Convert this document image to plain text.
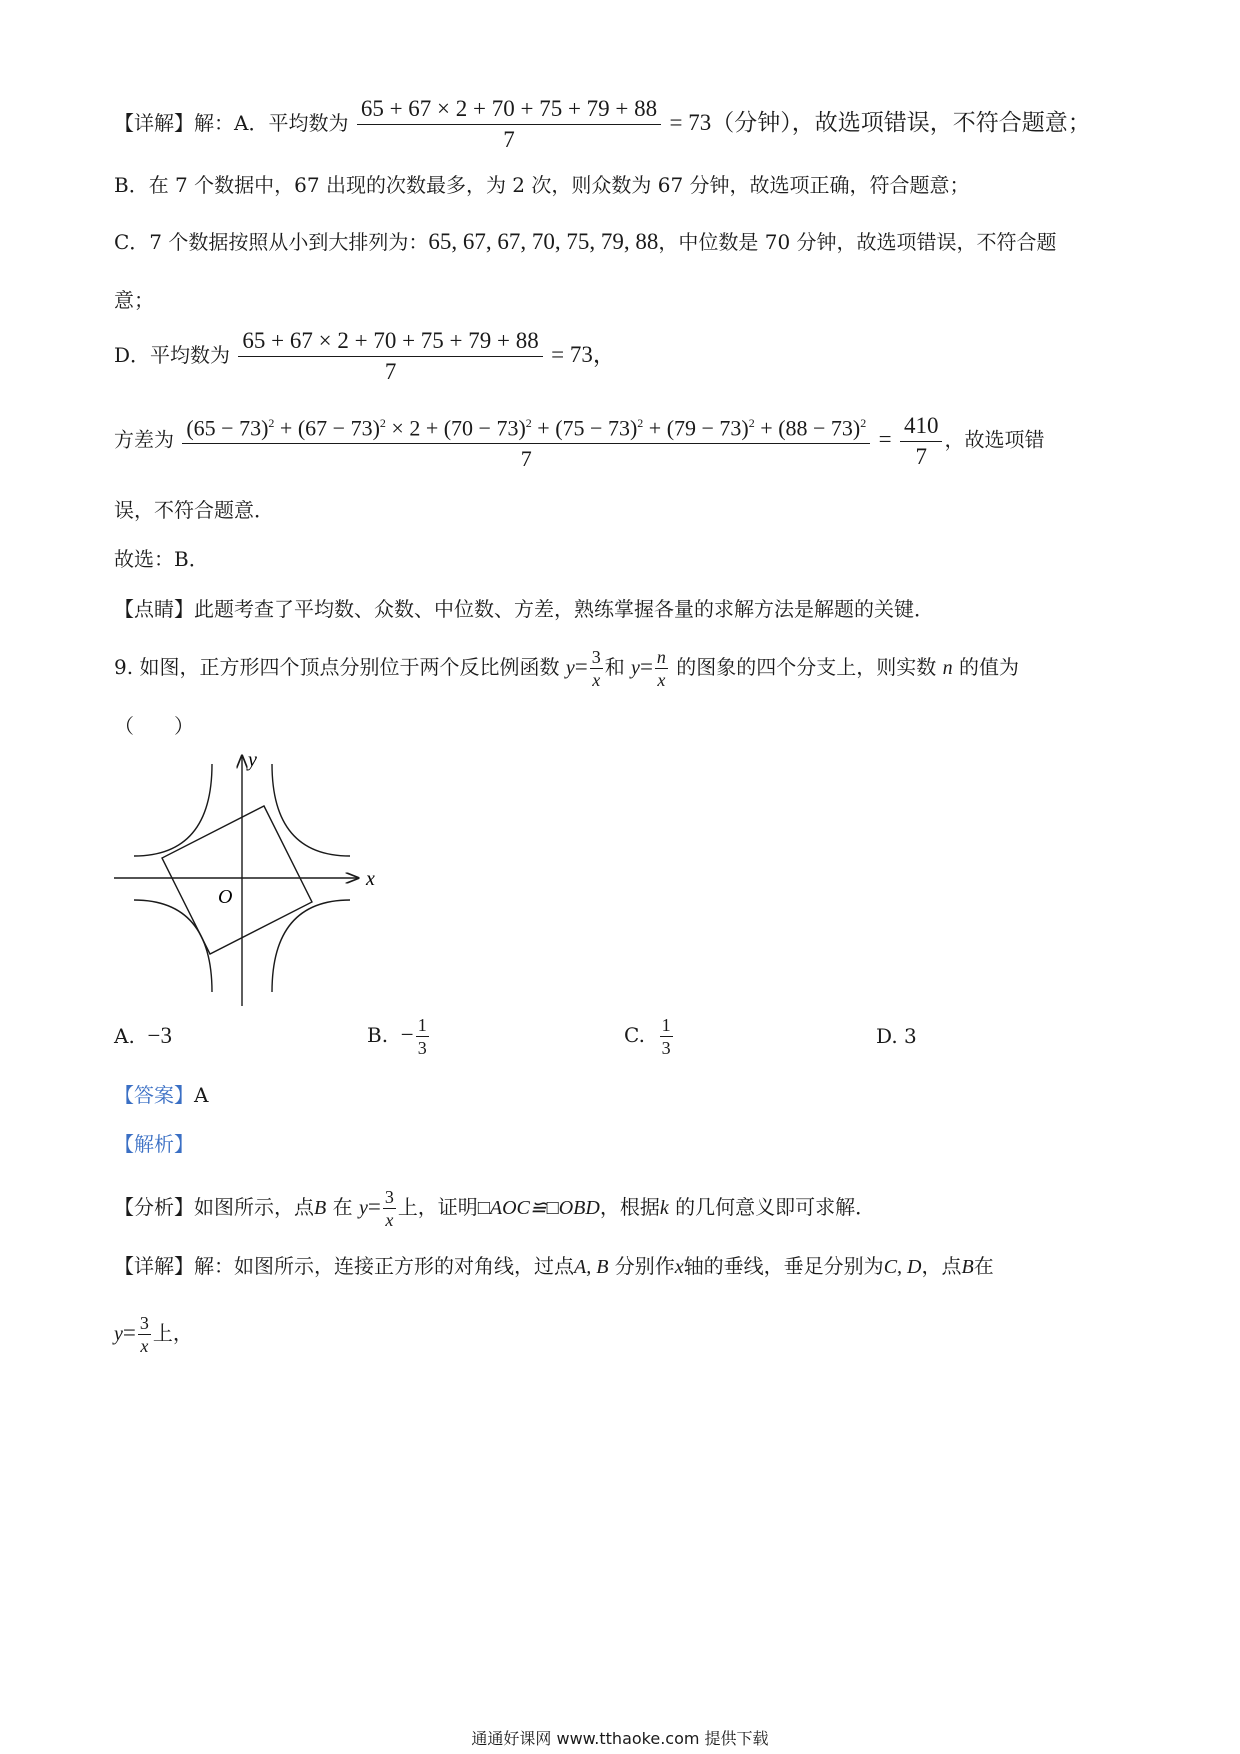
【详解】解：A．平均数为 $\frac{65 + 67 \times 2 + 70 + 75 + 79 + 88}{7} = 73$（分钟），故选项错误，不符合题意；
B．在 7 个数据中，67 出现的次数最多，为 2 次，则众数为 67 分钟，故选项正确，符合题意；
C．7 个数据按照从小到大排列为：65, 67, 67, 70, 75, 79, 88，中位数是 70 分钟，故选项错误，不符合题
意；
D．平均数为 $\frac{65 + 67 \times 2 + 70 + 75 + 79 + 88}{7} = 73$，
方差为 $(65 - 73)^2 + (67 - 73)^2 \times 2 + (70 - 73)^2 + (75 - 73)^2 + (79 - 73)^2 + (88 - 73)^2$
7
= $\frac{410}{7}$ ，故选项错
误，不符合题意．
故选：B．
【点睛】此题考查了平均数、众数、中位数、方差，熟练掌握各量的求解方法是解题的关键．
9. 如图，正方形四个顶点分别位于两个反比例函数 $y= \frac{3}{x}$ 和 $y= \frac{n}{x}$ 的图象的四个分支上，则实数 n 的值为
（　　）
x
y
O
A. −3	B. − $\frac{1}{3}$	C. $\frac{1}{3}$	D. 3
【答案】A
【解析】
【分析】如图所示，点B 在 $y= \frac{3}{x}$ 上，证明□AOC≌□OBD，根据k 的几何意义即可求解．
【详解】解：如图所示，连接正方形的对角线，过点A, B 分别作x轴的垂线，垂足分别为C, D，点B在
$y= \frac{3}{x}$ 上，
通通好课网 www.tthaoke.com 提供下载
